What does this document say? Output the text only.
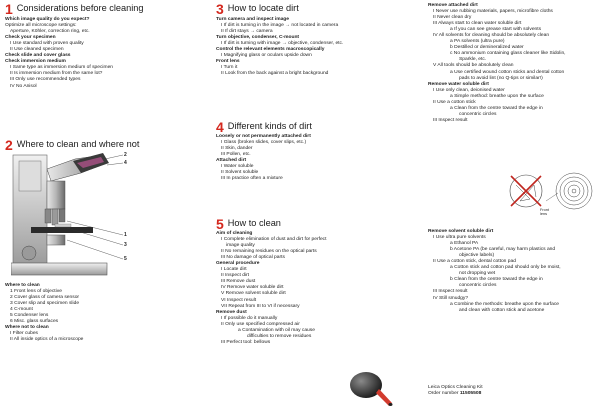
1 Considerations before cleaning
Which image quality do you expect?
Optimize all microscope settings:
Aperture, Köhler, correction ring, etc.
Check your specimen
I Use standard with proven quality
II Use cleaned specimen
Check slide and cover glass
Check immersion medium
I Same type as immersion medium of specimen
II Is immersion medium from the same lot?
III Only use recommended types
IV No Anisol
2 Where to clean and where not
2
4
1
3
5
Where to clean
1 Front lens of objective
2 Cover glass of camera sensor
3 Cover slip and specimen slide
4 C-mount
5 Condenser lens
6 Misc. glass surfaces
Where not to clean
I Filter cubes
II All inside optics of a microscope
3 How to locate dirt
Turn camera and inspect image
I If dirt is turning in the image → not located in camera
II If dirt stays → camera
Turn objective, condenser, C-mount
I If dirt is turning with image → objective, condenser, etc.
Control the relevant elements macroscopically
I Magnifying glass or oculars upside down
Front lens
I Turn it
II Look from the back against a bright background
4 Different kinds of dirt
Loosely or not permanently attached dirt
I Glass (broken slides, cover slips, etc.)
II Skin, dander
III Pollen, etc.
Attached dirt
I Water soluble
II Solvent soluble
III In practice often a mixture
5 How to clean
Aim of cleaning
I Complete elimination of dust and dirt for perfect
image quality
II No remaining residues on the optical parts
III No damage of optical parts
General procedure
I Locate dirt
II Inspect dirt
III Remove dust
IV Remove water soluble dirt
V Remove solvent soluble dirt
VI Inspect result
VII Repeat from III to VI if necessary
Remove dust
I If possible do it manually
II Only use specified compressed air
a Contamination with oil may cause
difficulties to remove residues
III Perfect tool: bellows
Remove attached dirt
I Never use rubbing materials, papers, microfibre cloths
II Never clean dry
III Always start to clean water soluble dirt
a If you can see grease start with solvents
IV All solvents for cleaning should be absolutely clean
a PA solvents (ultra pure)
b Destilled or demineralized water
c No ammonium containing glass cleaner like Sidolin,
Sparkle, etc.
V All tools should be absolutely clean
a Use certified wound cotton sticks and dental cotton
pads to avoid lint (no Q-tips or similar!)
Remove water soluble dirt
I Use only clean, deionised water
a Simple method: breathe upon the surface
II Use a cotton stick
a Clean from the centre toward the edge in
concentric circles
III Inspect result
Front lens
Remove solvent soluble dirt
I Use ultra pure solvents
a Ethanol PA
b Acetone PA (be careful, may harm plastics and
objective labels)
II Use a cotton stick, dental cotton pad
a Cotton stick and cotton pad should only be moist,
not dropping wet
b Clean from the centre toward the edge in
concentric circles
III Inspect result
IV Still smudgy?
a Combine the methods: breathe upon the surface
and clean with cotton stick and acetone
Leica Optics Cleaning Kit
Order number 11505508
